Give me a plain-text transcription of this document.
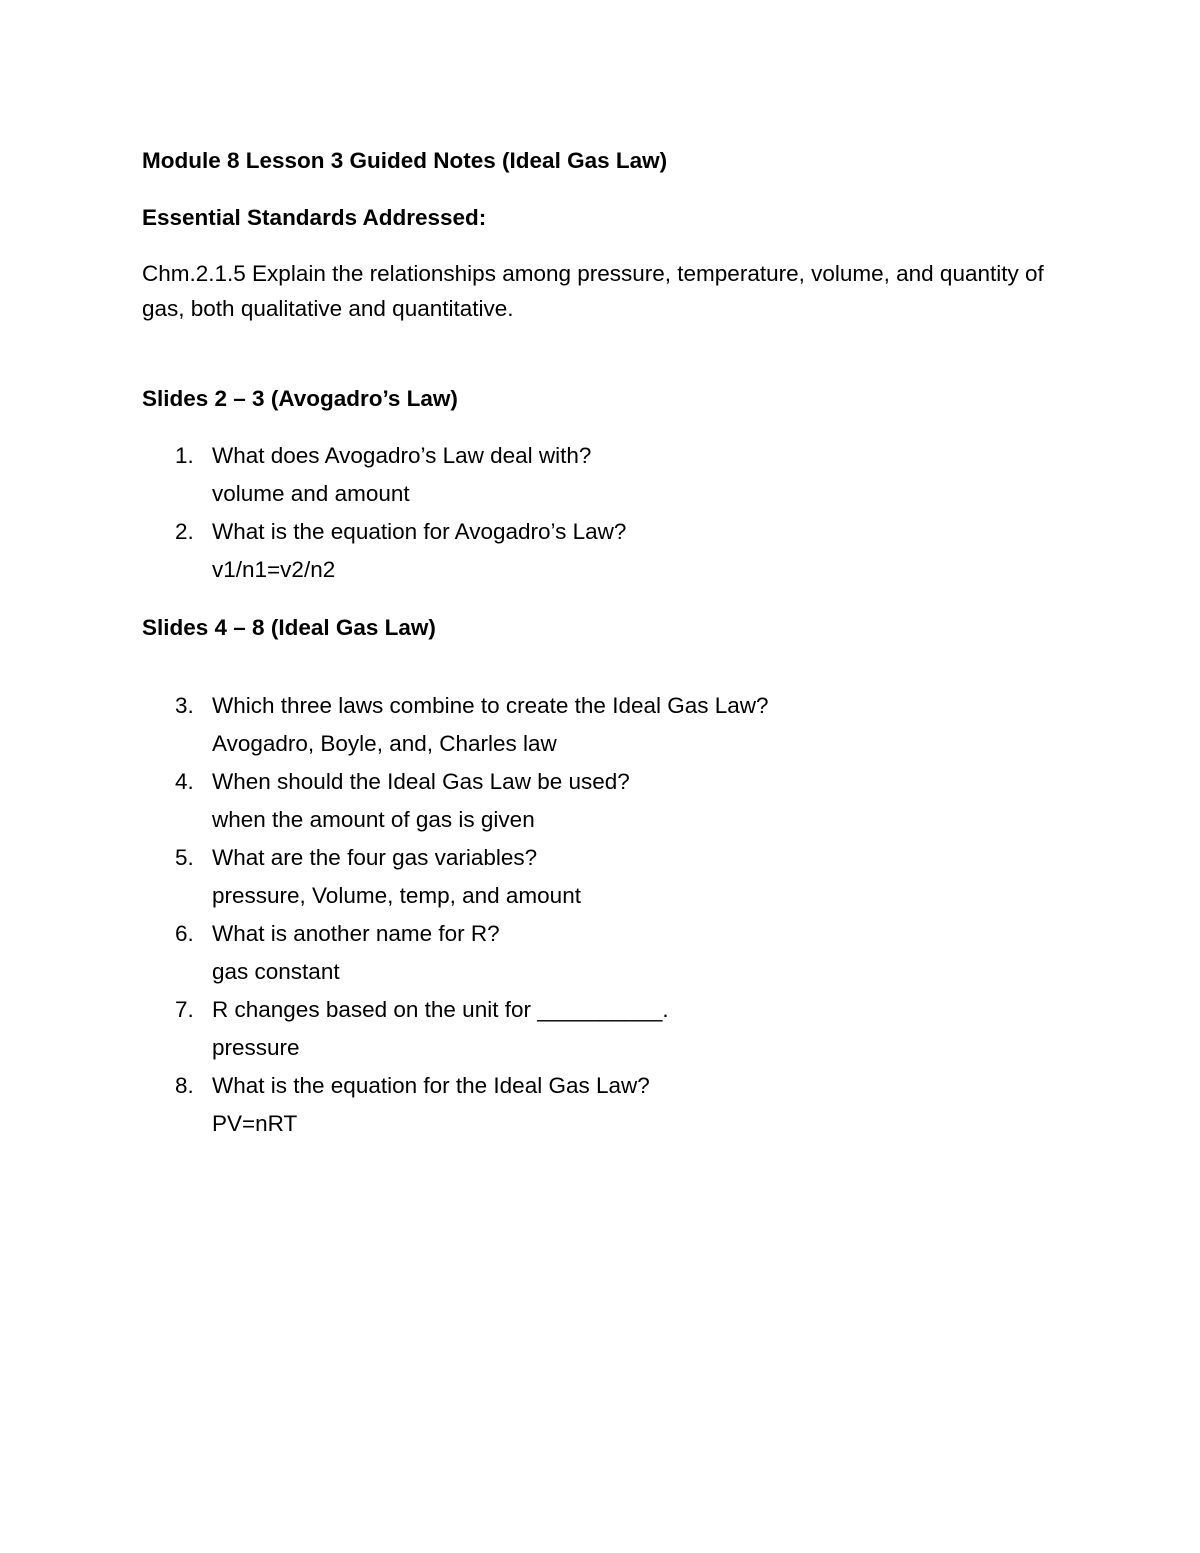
Module 8 Lesson 3 Guided Notes (Ideal Gas Law)
Essential Standards Addressed:

Chm.2.1.5 Explain the relationships among pressure, temperature, volume, and quantity of gas, both qualitative and quantitative.

Slides 2 – 3 (Avogadro’s Law)
1. What does Avogadro’s Law deal with?
volume and amount
2. What is the equation for Avogadro’s Law?
v1/n1=v2/n2
Slides 4 – 8 (Ideal Gas Law)
3. Which three laws combine to create the Ideal Gas Law?
Avogadro, Boyle, and, Charles law
4. When should the Ideal Gas Law be used?
when the amount of gas is given
5. What are the four gas variables?
pressure, Volume, temp, and amount
6. What is another name for R?
gas constant
7. R changes based on the unit for __________.
pressure
8. What is the equation for the Ideal Gas Law?
PV=nRT
